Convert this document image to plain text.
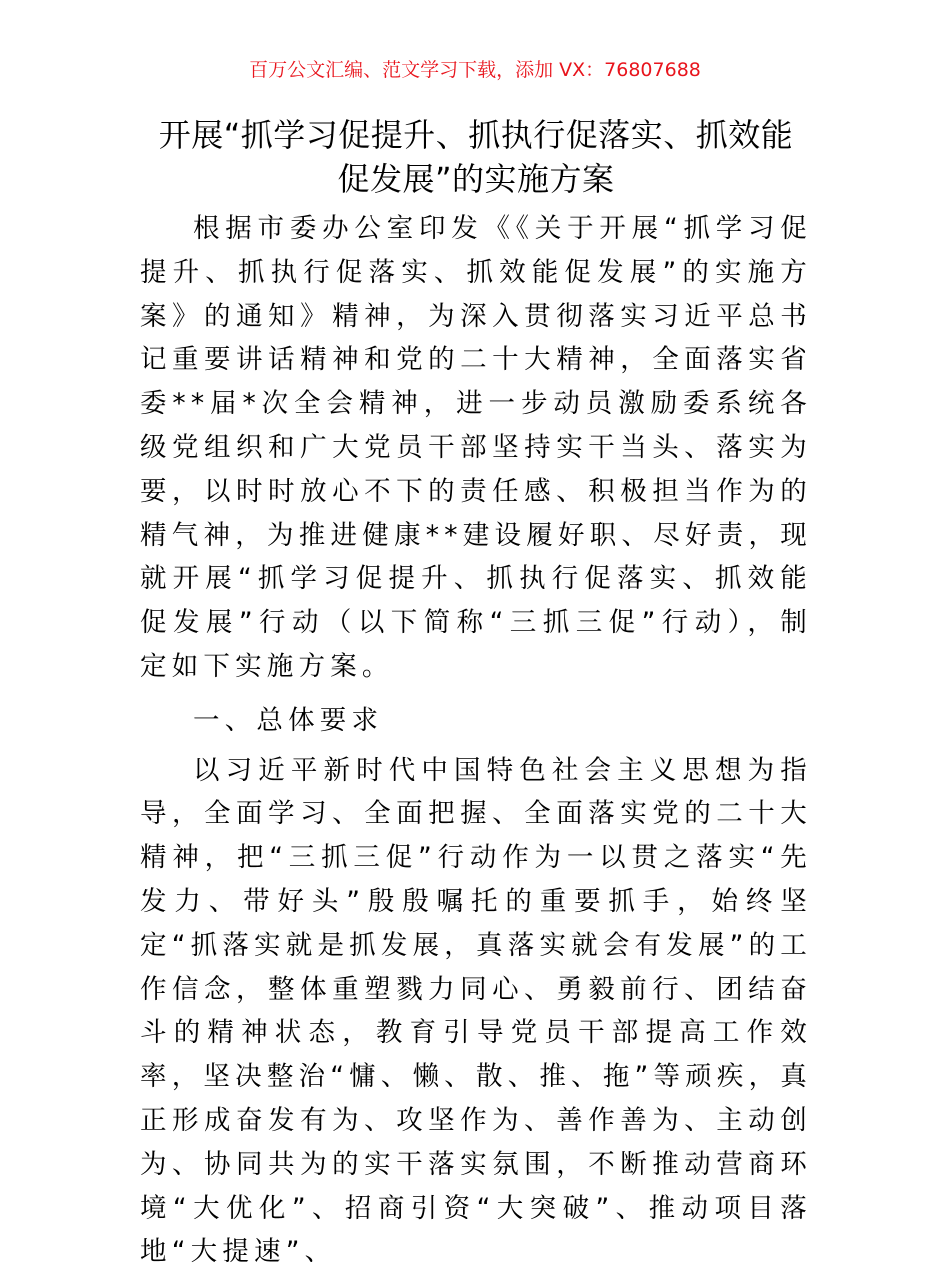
百万公文汇编、范文学习下载，添加 VX：76807688
开展“抓学习促提升、抓执行促落实、抓效能
促发展”的实施方案

根据市委办公室印发《《关于开展“抓学习促提升、抓执行促落实、抓效能促发展”的实施方案》的通知》精神，为深入贯彻落实习近平总书记重要讲话精神和党的二十大精神，全面落实省委**届*次全会精神，进一步动员激励委系统各级党组织和广大党员干部坚持实干当头、落实为要，以时时放心不下的责任感、积极担当作为的精气神，为推进健康**建设履好职、尽好责，现就开展“抓学习促提升、抓执行促落实、抓效能促发展”行动（以下简称“三抓三促”行动），制定如下实施方案。

一、总体要求

以习近平新时代中国特色社会主义思想为指导，全面学习、全面把握、全面落实党的二十大精神，把“三抓三促”行动作为一以贯之落实“先发力、带好头”殷殷嘱托的重要抓手，始终坚定“抓落实就是抓发展，真落实就会有发展”的工作信念，整体重塑戮力同心、勇毅前行、团结奋斗的精神状态，教育引导党员干部提高工作效率，坚决整治“慵、懒、散、推、拖”等顽疾，真正形成奋发有为、攻坚作为、善作善为、主动创为、协同共为的实干落实氛围，不断推动营商环境“大优化”、招商引资“大突破”、推动项目落地“大提速”、
